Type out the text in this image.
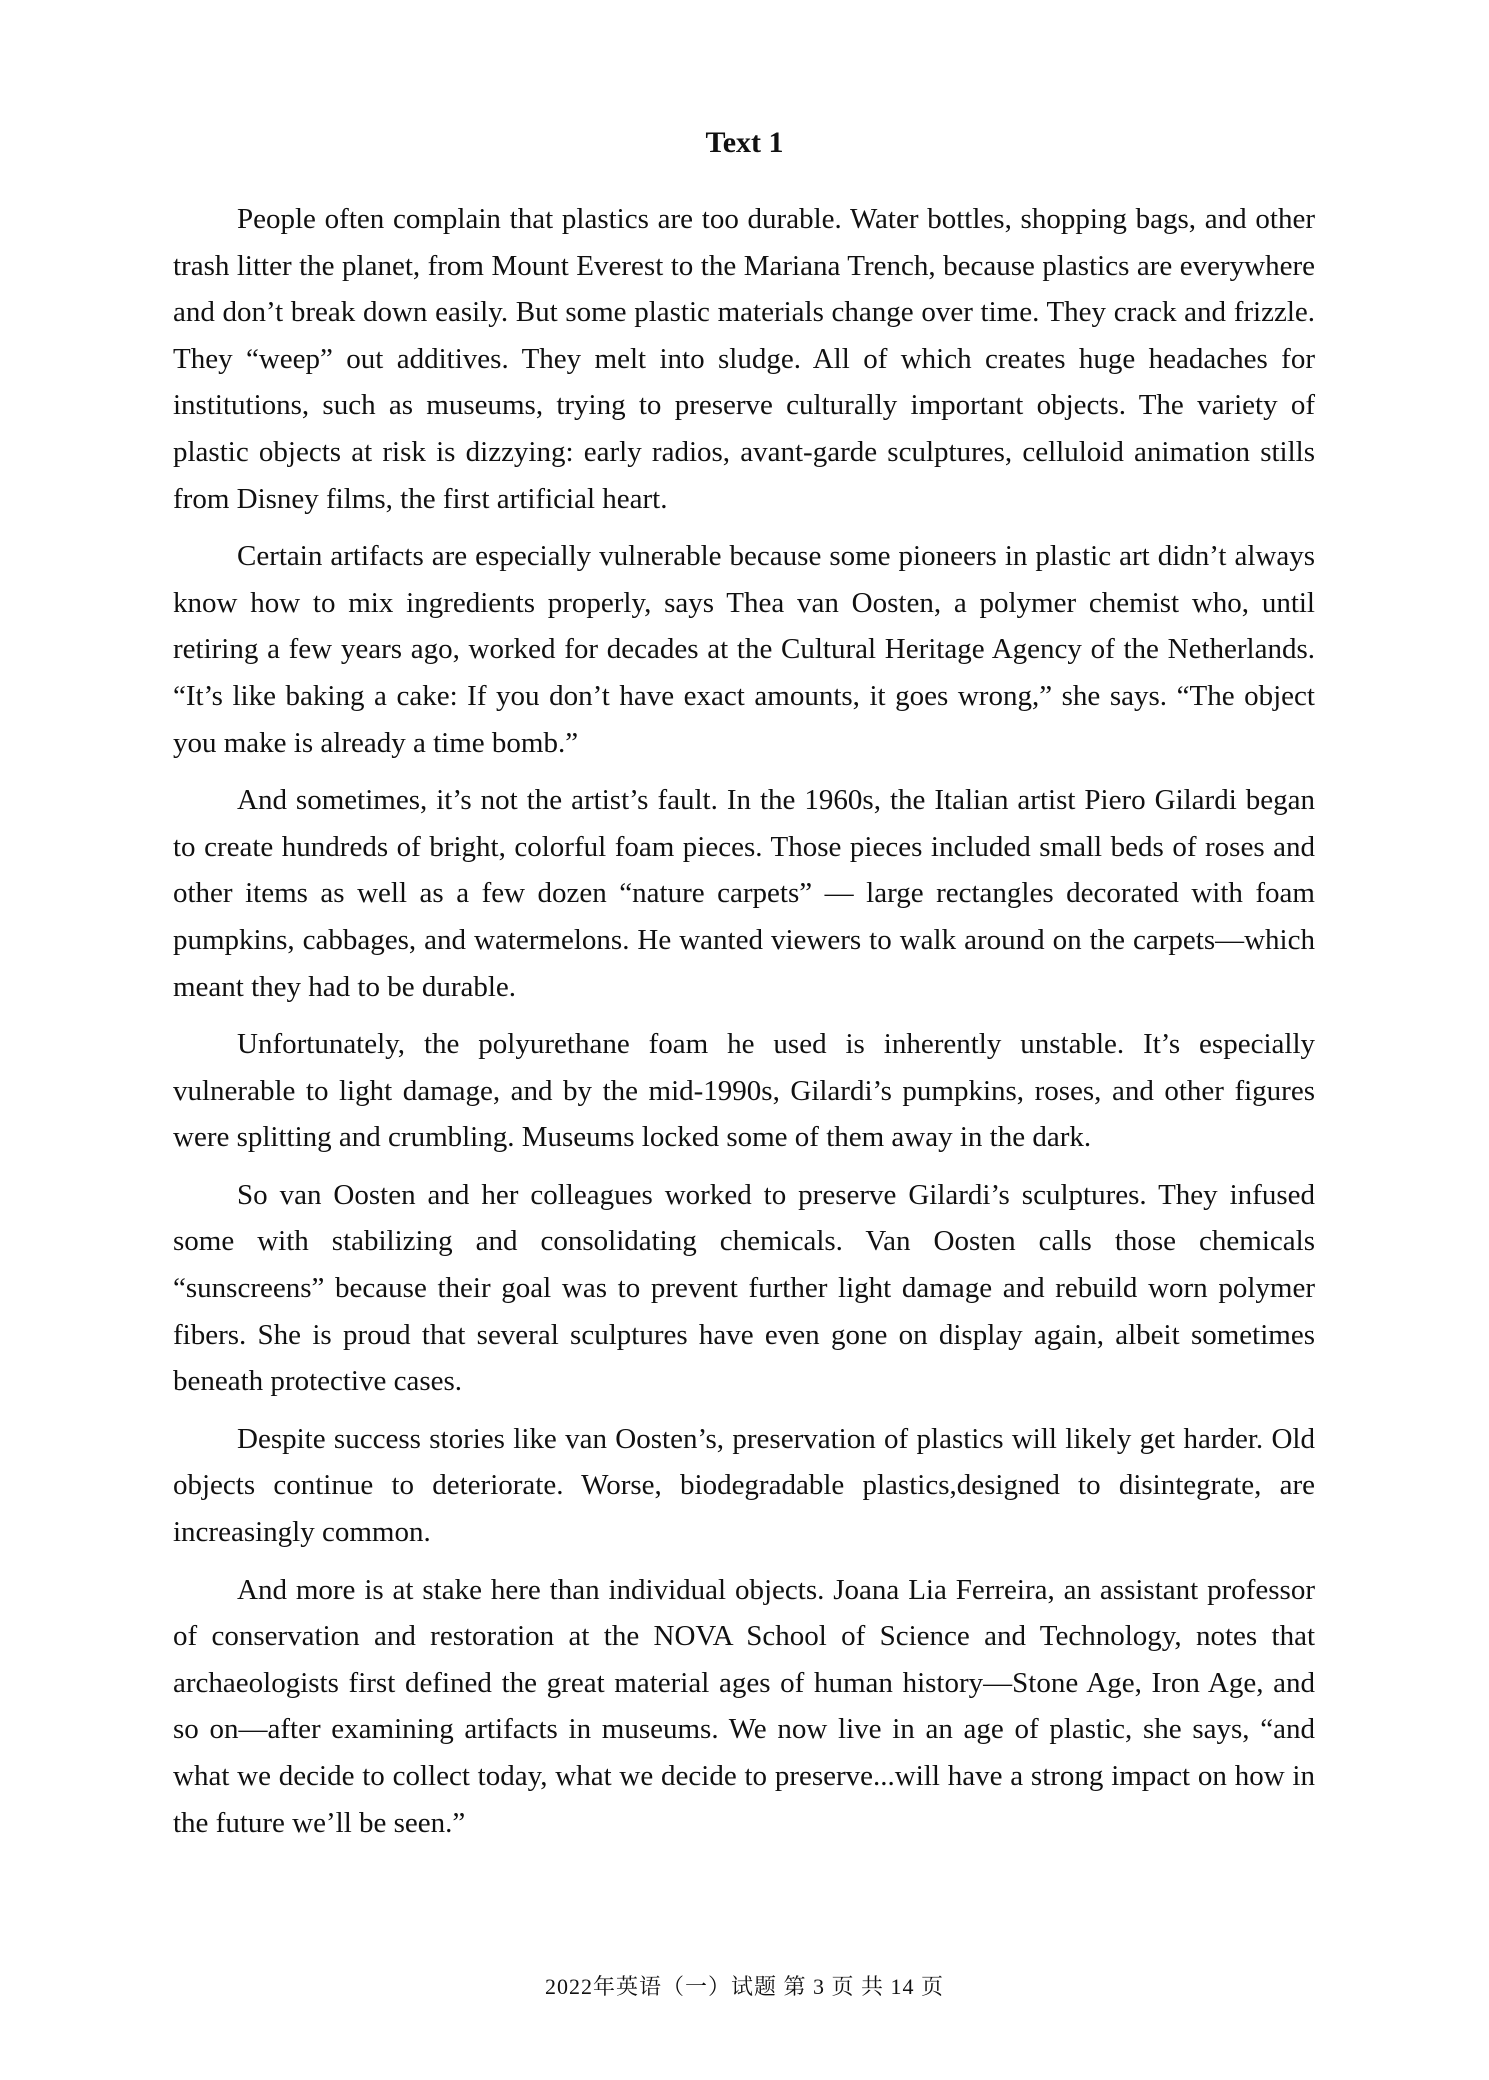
Text 1

People often complain that plastics are too durable. Water bottles, shopping bags, and other trash litter the planet, from Mount Everest to the Mariana Trench, because plastics are everywhere and don’t break down easily. But some plastic materials change over time. They crack and frizzle. They “weep” out additives. They melt into sludge. All of which creates huge headaches for institutions, such as museums, trying to preserve culturally important objects. The variety of plastic objects at risk is dizzying: early radios, avant-garde sculptures, celluloid animation stills from Disney films, the first artificial heart.

Certain artifacts are especially vulnerable because some pioneers in plastic art didn’t always know how to mix ingredients properly, says Thea van Oosten, a polymer chemist who, until retiring a few years ago, worked for decades at the Cultural Heritage Agency of the Netherlands. “It’s like baking a cake: If you don’t have exact amounts, it goes wrong,” she says. “The object you make is already a time bomb.”

And sometimes, it’s not the artist’s fault. In the 1960s, the Italian artist Piero Gilardi began to create hundreds of bright, colorful foam pieces. Those pieces included small beds of roses and other items as well as a few dozen “nature carpets” — large rectangles decorated with foam pumpkins, cabbages, and watermelons. He wanted viewers to walk around on the carpets—which meant they had to be durable.

Unfortunately, the polyurethane foam he used is inherently unstable. It’s especially vulnerable to light damage, and by the mid-1990s, Gilardi’s pumpkins, roses, and other figures were splitting and crumbling. Museums locked some of them away in the dark.

So van Oosten and her colleagues worked to preserve Gilardi’s sculptures. They infused some with stabilizing and consolidating chemicals. Van Oosten calls those chemicals “sunscreens” because their goal was to prevent further light damage and rebuild worn polymer fibers. She is proud that several sculptures have even gone on display again, albeit sometimes beneath protective cases.

Despite success stories like van Oosten’s, preservation of plastics will likely get harder. Old objects continue to deteriorate. Worse, biodegradable plastics,designed to disintegrate, are increasingly common.

And more is at stake here than individual objects. Joana Lia Ferreira, an assistant professor of conservation and restoration at the NOVA School of Science and Technology, notes that archaeologists first defined the great material ages of human history—Stone Age, Iron Age, and so on—after examining artifacts in museums. We now live in an age of plastic, she says, “and what we decide to collect today, what we decide to preserve...will have a strong impact on how in the future we’ll be seen.”

2022年英语（一）试题 第 3 页 共 14 页
